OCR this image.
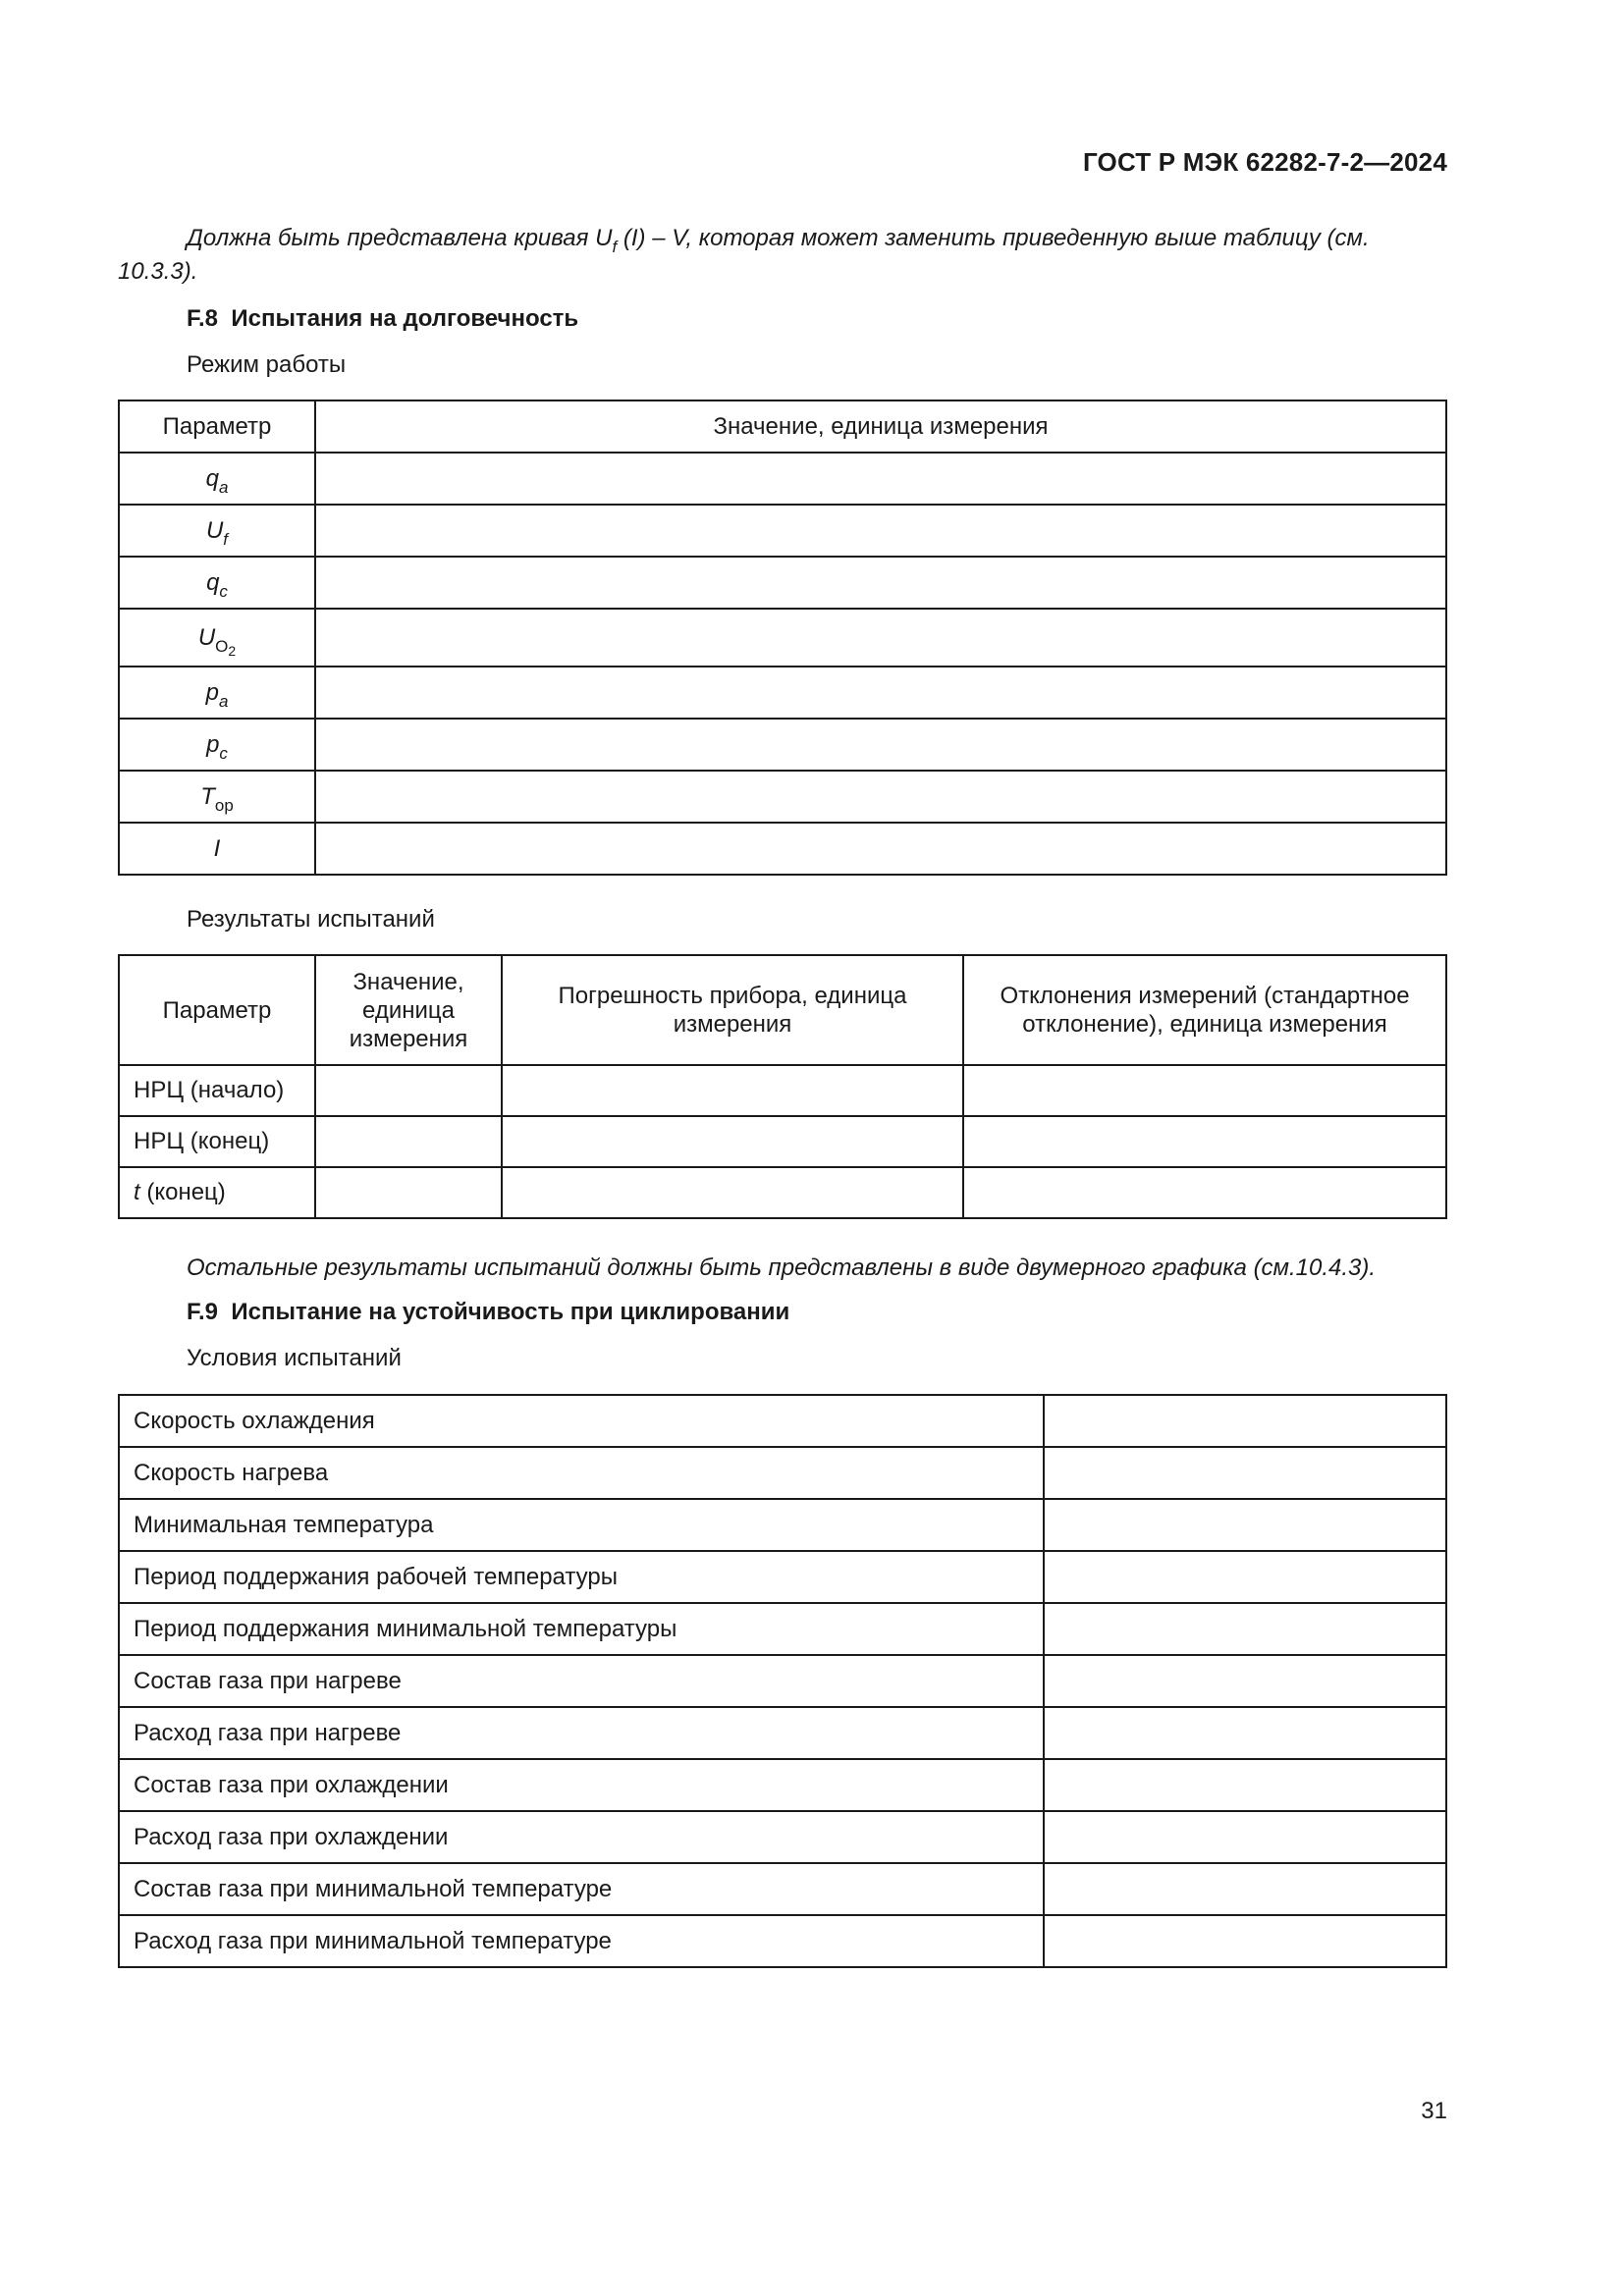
ГОСТ Р МЭК 62282-7-2—2024
Должна быть представлена кривая $U_f$ (I) – V, которая может заменить приведенную выше таблицу (см. 10.3.3).
F.8 Испытания на долговечность
Режим работы
Параметр	Значение, единица измерения
$q_a$	
$U_f$	
$q_c$	
$U_{O_2}$	
$p_a$	
$p_c$	
$T_{op}$	
I	
Результаты испытаний
Параметр	Значение, единица измерения	Погрешность прибора, единица измерения	Отклонения измерений (стандартное отклонение), единица измерения
НРЦ (начало)			
НРЦ (конец)			
t (конец)			
Остальные результаты испытаний должны быть представлены в виде двумерного графика (см.10.4.3).
F.9 Испытание на устойчивость при циклировании
Условия испытаний
Скорость охлаждения	
Скорость нагрева	
Минимальная температура	
Период поддержания рабочей температуры	
Период поддержания минимальной температуры	
Состав газа при нагреве	
Расход газа при нагреве	
Состав газа при охлаждении	
Расход газа при охлаждении	
Состав газа при минимальной температуре	
Расход газа при минимальной температуре	
31
